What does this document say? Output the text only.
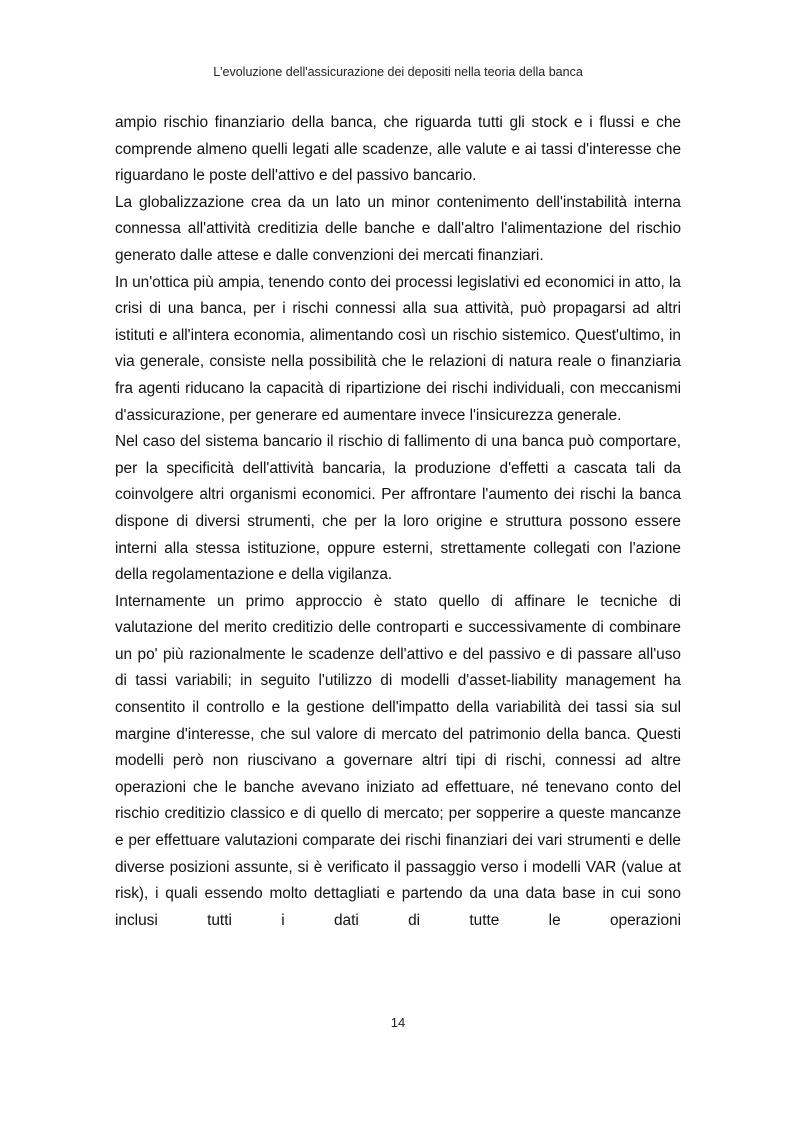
L'evoluzione dell'assicurazione dei depositi nella teoria della banca

ampio rischio finanziario della banca, che riguarda tutti gli stock e i flussi e che comprende almeno quelli legati alle scadenze, alle valute e ai tassi d'interesse che riguardano le poste dell'attivo e del passivo bancario.

La globalizzazione crea da un lato un minor contenimento dell'instabilità interna connessa all'attività creditizia delle banche e dall'altro l'alimentazione del rischio generato dalle attese e dalle convenzioni dei mercati finanziari.

In un'ottica più ampia, tenendo conto dei processi legislativi ed economici in atto, la crisi di una banca, per i rischi connessi alla sua attività, può propagarsi ad altri istituti e all'intera economia, alimentando così un rischio sistemico. Quest'ultimo, in via generale, consiste nella possibilità che le relazioni di natura reale o finanziaria fra agenti riducano la capacità di ripartizione dei rischi individuali, con meccanismi d'assicurazione, per generare ed aumentare invece l'insicurezza generale.

Nel caso del sistema bancario il rischio di fallimento di una banca può comportare, per la specificità dell'attività bancaria, la produzione d'effetti a cascata tali da coinvolgere altri organismi economici. Per affrontare l'aumento dei rischi la banca dispone di diversi strumenti, che per la loro origine e struttura possono essere interni alla stessa istituzione, oppure esterni, strettamente collegati con l'azione della regolamentazione e della vigilanza.

Internamente un primo approccio è stato quello di affinare le tecniche di valutazione del merito creditizio delle controparti e successivamente di combinare un po' più razionalmente le scadenze dell'attivo e del passivo e di passare all'uso di tassi variabili; in seguito l'utilizzo di modelli d'asset-liability management ha consentito il controllo e la gestione dell'impatto della variabilità dei tassi sia sul margine d'interesse, che sul valore di mercato del patrimonio della banca. Questi modelli però non riuscivano a governare altri tipi di rischi, connessi ad altre operazioni che le banche avevano iniziato ad effettuare, né tenevano conto del rischio creditizio classico e di quello di mercato; per sopperire a queste mancanze e per effettuare valutazioni comparate dei rischi finanziari dei vari strumenti e delle diverse posizioni assunte, si è verificato il passaggio verso i modelli VAR (value at risk), i quali essendo molto dettagliati e partendo da una data base in cui sono inclusi tutti i dati di tutte le operazioni

14
